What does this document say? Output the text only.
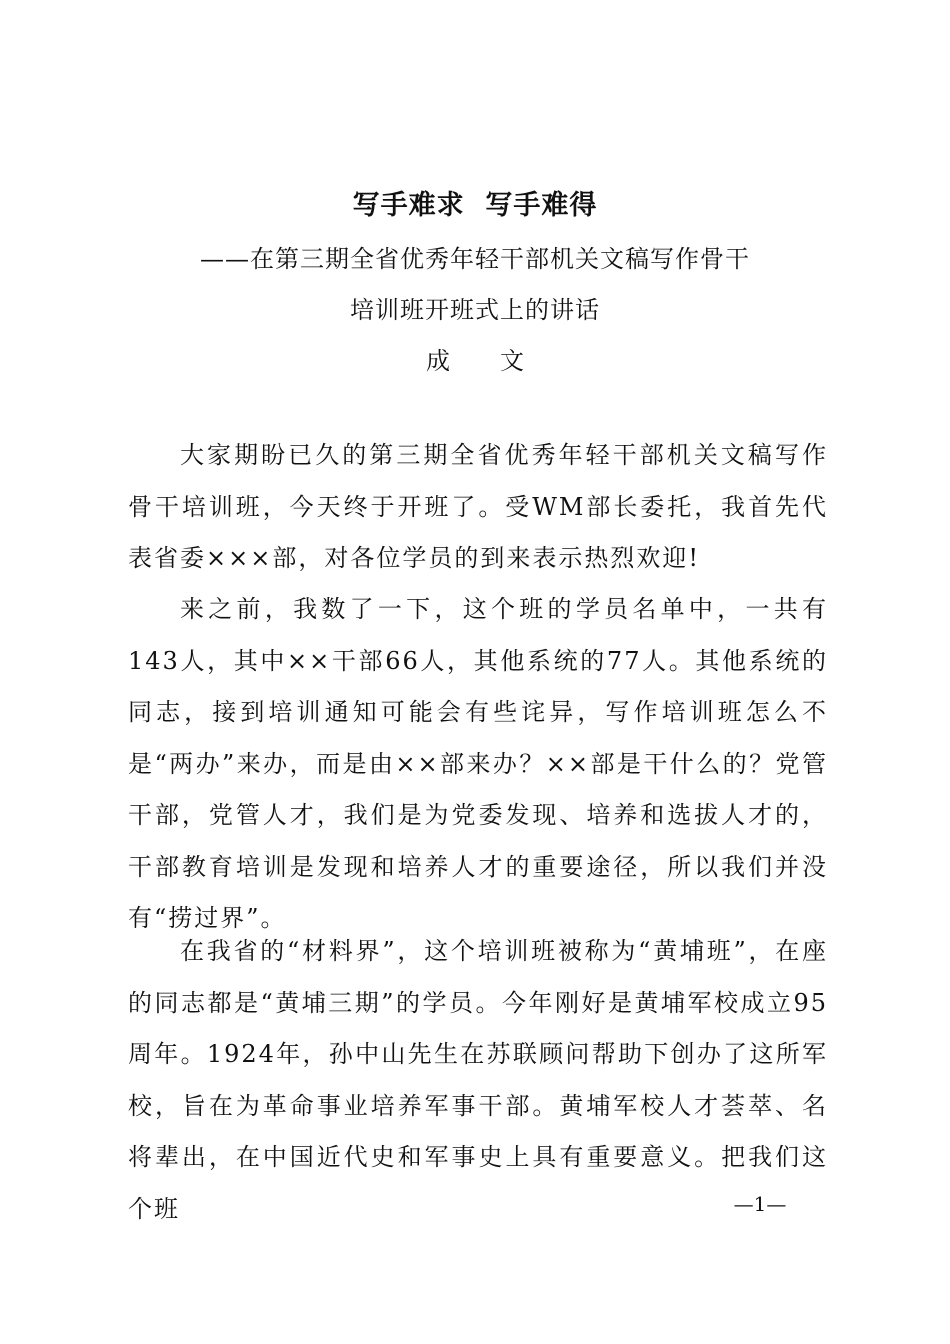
写手难求  写手难得
——在第三期全省优秀年轻干部机关文稿写作骨干
培训班开班式上的讲话
成文

大家期盼已久的第三期全省优秀年轻干部机关文稿写作骨干培训班，今天终于开班了。受WM部长委托，我首先代表省委×××部，对各位学员的到来表示热烈欢迎!

来之前，我数了一下，这个班的学员名单中，一共有143人，其中××干部66人，其他系统的77人。其他系统的同志，接到培训通知可能会有些诧异，写作培训班怎么不是“两办”来办，而是由××部来办？××部是干什么的？党管干部，党管人才，我们是为党委发现、培养和选拔人才的，干部教育培训是发现和培养人才的重要途径，所以我们并没有“捞过界”。

在我省的“材料界”，这个培训班被称为“黄埔班”，在座的同志都是“黄埔三期”的学员。今年刚好是黄埔军校成立95周年。1924年，孙中山先生在苏联顾问帮助下创办了这所军校，旨在为革命事业培养军事干部。黄埔军校人才荟萃、名将辈出，在中国近代史和军事史上具有重要意义。把我们这个班	—1—
